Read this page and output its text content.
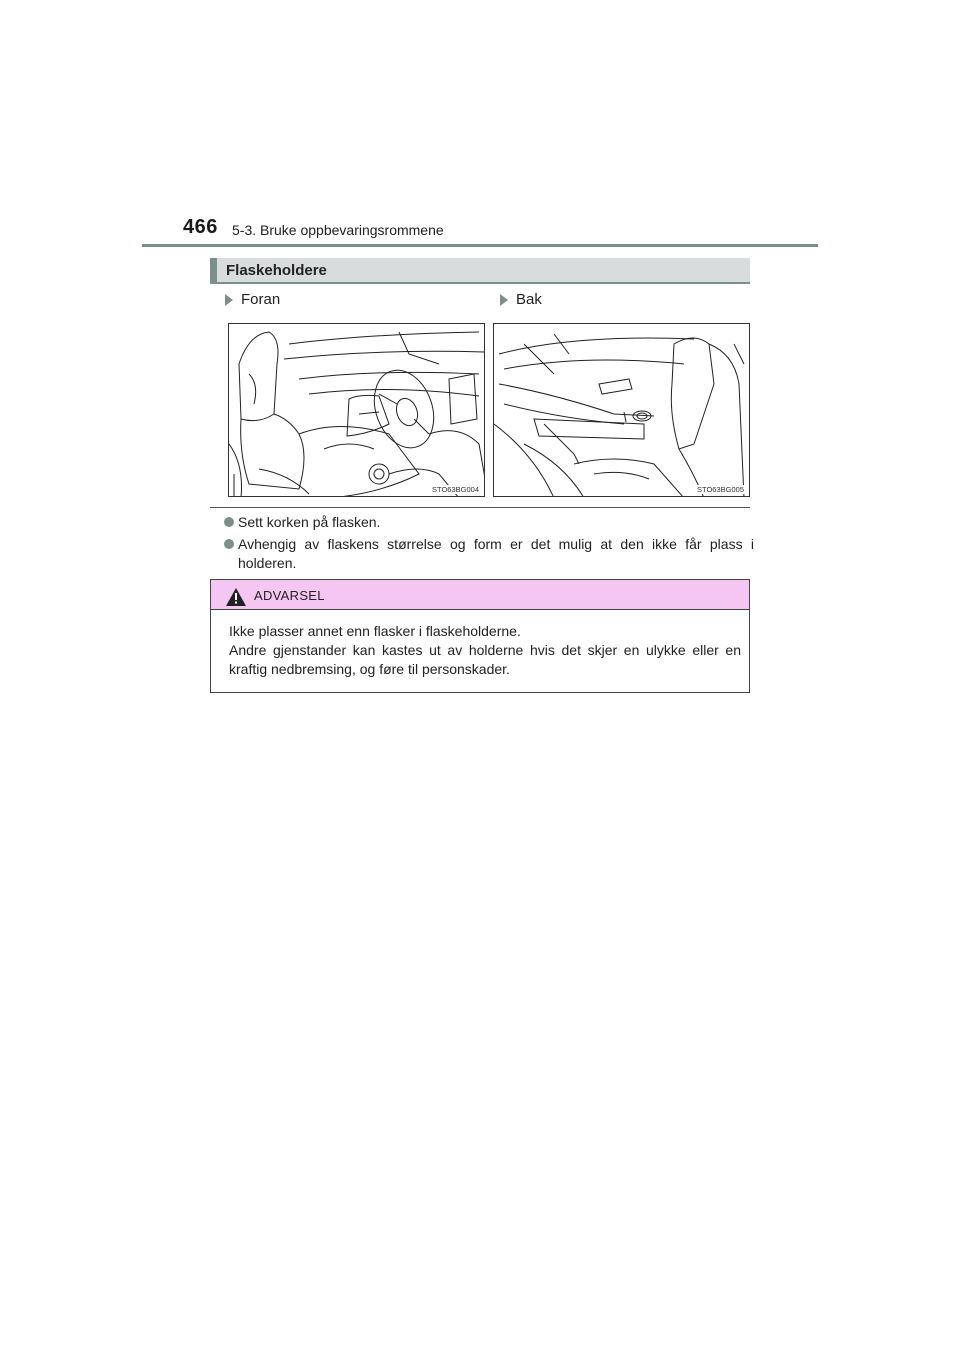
466 5-3. Bruke oppbevaringsrommene
Flaskeholdere
Foran	Bak
STO63BG004	STO63BG005
Sett korken på flasken.
Avhengig av flaskens størrelse og form er det mulig at den ikke får plass i holderen.
ADVARSEL

Ikke plasser annet enn flasker i flaskeholderne.

Andre gjenstander kan kastes ut av holderne hvis det skjer en ulykke eller en kraftig nedbremsing, og føre til personskader.
